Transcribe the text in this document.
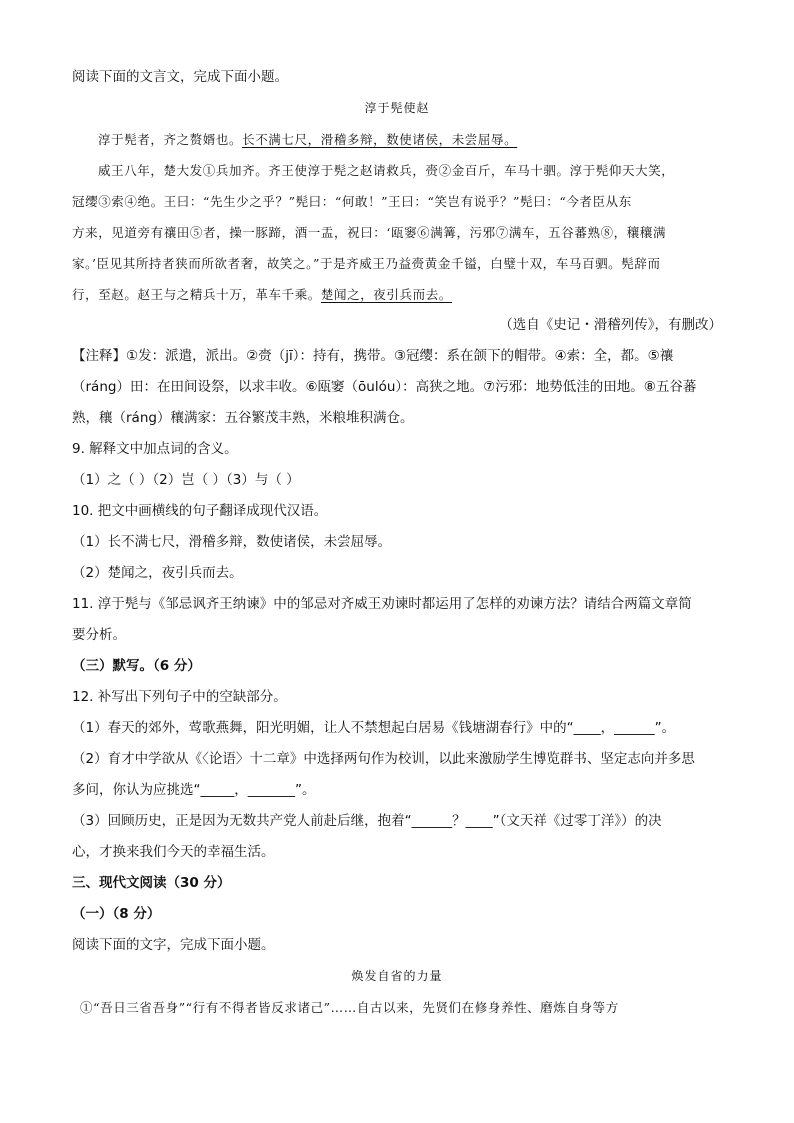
阅读下面的文言文，完成下面小题。
淳于髡使赵
淳于髡者，齐之赘婿也。长不满七尺，滑稽多辩，数使诸侯，未尝屈辱。
威王八年，楚大发①兵加齐。齐王使淳于髡之赵请救兵，赍②金百斤，车马十驷。淳于髡仰天大笑，
冠缨③索④绝。王曰：“先生少之乎？”髡曰：“何敢！”王曰：“笑岂有说乎？”髡曰：“今者臣从东
方来，见道旁有禳田⑤者，操一豚蹄，酒一盂，祝曰：‘瓯窭⑥满篝，污邪⑦满车，五谷蕃熟⑧，穰穰满
家。’臣见其所持者狭而所欲者奢，故笑之。”于是齐威王乃益赍黄金千镒，白璧十双，车马百驷。髡辞而
行，至赵。赵王与之精兵十万，革车千乘。楚闻之，夜引兵而去。
（选自《史记・滑稽列传》，有删改）
【注释】①发：派遣，派出。②赍（jī）：持有，携带。③冠缨：系在颌下的帽带。④索：全，都。⑤禳
（ráng）田：在田间设祭，以求丰收。⑥瓯窭（ōulóu）：高狭之地。⑦污邪：地势低洼的田地。⑧五谷蕃
熟，穰（ráng）穰满家：五谷繁茂丰熟，米粮堆积满仓。
9. 解释文中加点词的含义。
（1）之（ ）（2）岂（ ）（3）与（ ）
10. 把文中画横线的句子翻译成现代汉语。
（1）长不满七尺，滑稽多辩，数使诸侯，未尝屈辱。
（2）楚闻之，夜引兵而去。
11. 淳于髡与《邹忌讽齐王纳谏》中的邹忌对齐威王劝谏时都运用了怎样的劝谏方法？请结合两篇文章简
要分析。
（三）默写。（6 分）
12. 补写出下列句子中的空缺部分。
（1）春天的郊外，莺歌燕舞，阳光明媚，让人不禁想起白居易《钱塘湖春行》中的“____，______”。
（2）育才中学欲从《〈论语〉十二章》中选择两句作为校训，以此来激励学生博览群书、坚定志向并多思
多问，你认为应挑选“_____，_______”。
（3）回顾历史，正是因为无数共产党人前赴后继，抱着“______？____”（文天祥《过零丁洋》）的决
心，才换来我们今天的幸福生活。
三、现代文阅读（30 分）
（一）（8 分）
阅读下面的文字，完成下面小题。
焕发自省的力量
①“吾日三省吾身”“行有不得者皆反求诸己”……自古以来，先贤们在修身养性、磨炼自身等方
